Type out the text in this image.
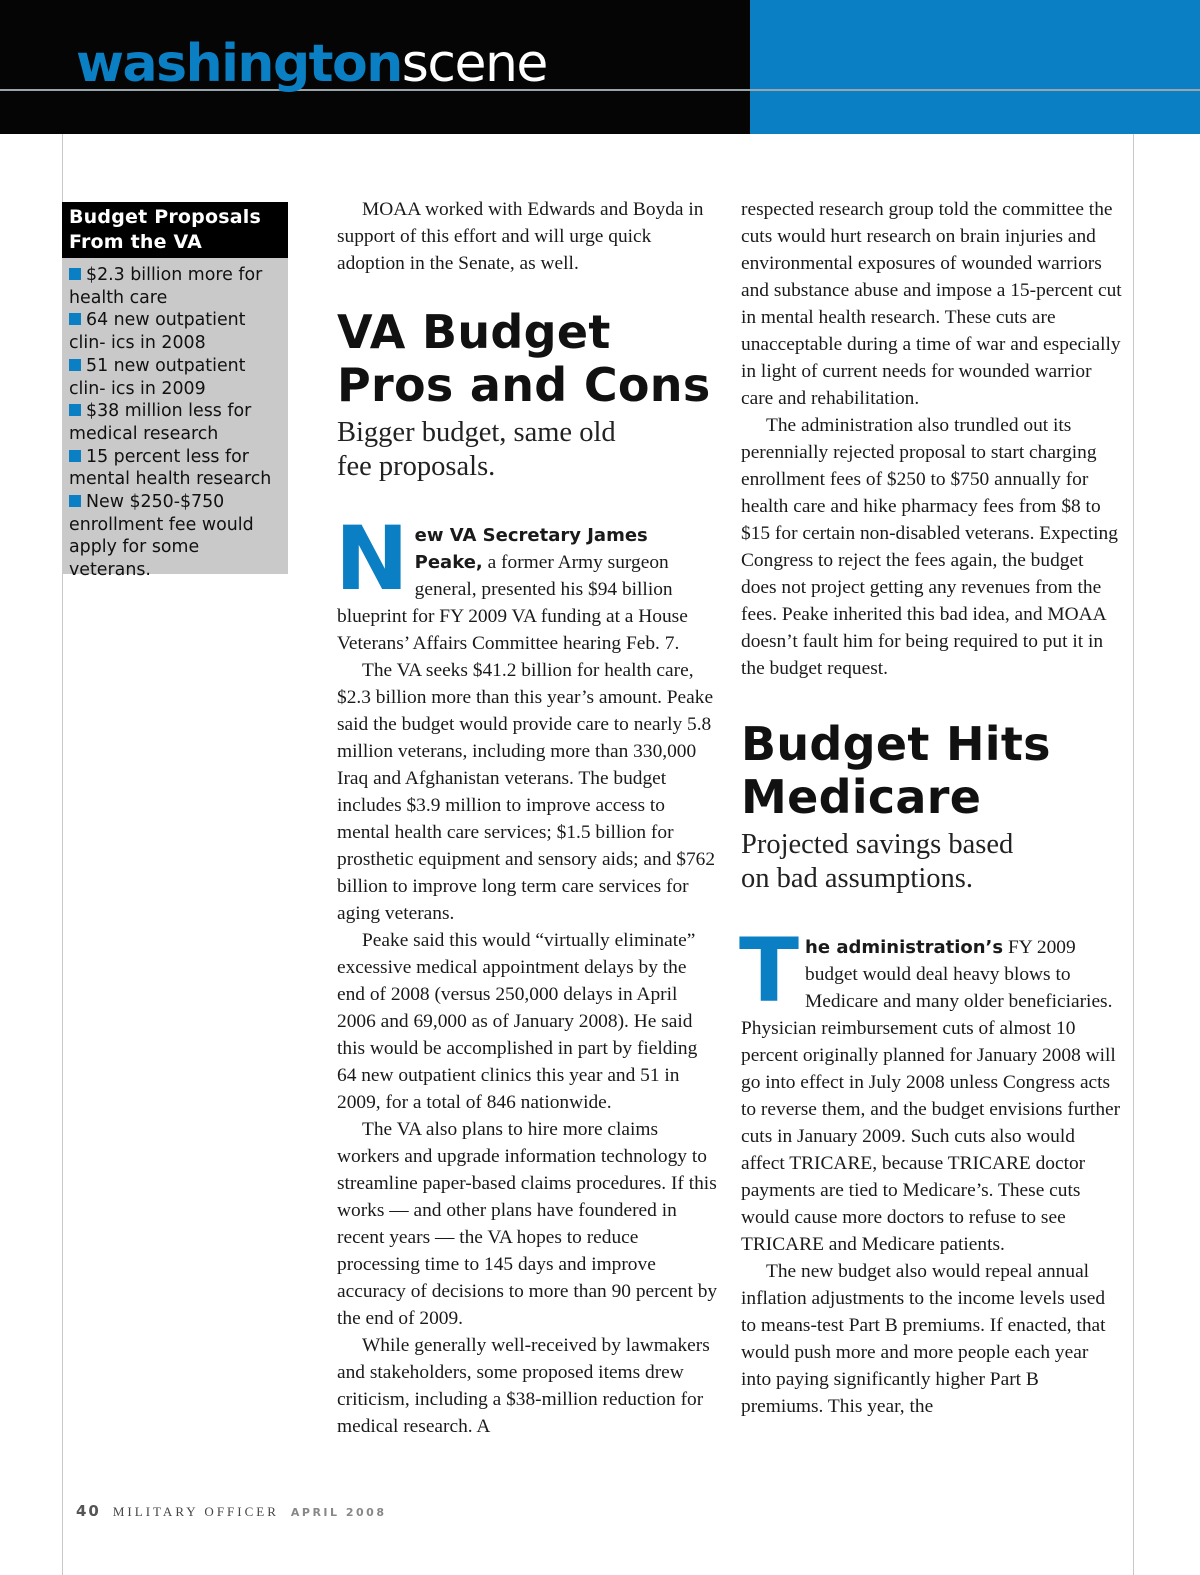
washingtonscene
Budget Proposals
From the VA
$2.3 billion more for health care
64 new outpatient clin- ics in 2008
51 new outpatient clin- ics in 2009
$38 million less for medical research
15 percent less for mental health research
New $250-$750 enrollment fee would apply for some veterans.

MOAA worked with Edwards and Boyda in support of this effort and will urge quick adoption in the Senate, as well.

VA Budget
Pros and Cons

Bigger budget, same old
fee proposals.

New VA Secretary James Peake, a former Army surgeon general, presented his $94 billion blueprint for FY 2009 VA funding at a House Veterans’ Affairs Committee hearing Feb. 7.

The VA seeks $41.2 billion for health care, $2.3 billion more than this year’s amount. Peake said the budget would provide care to nearly 5.8 million veterans, including more than 330,000 Iraq and Afghanistan veterans. The budget includes $3.9 million to improve access to mental health care services; $1.5 billion for prosthetic equipment and sensory aids; and $762 billion to improve long term care services for aging veterans.

Peake said this would “virtually eliminate” excessive medical appointment delays by the end of 2008 (versus 250,000 delays in April 2006 and 69,000 as of January 2008). He said this would be accomplished in part by fielding 64 new outpatient clinics this year and 51 in 2009, for a total of 846 nationwide.

The VA also plans to hire more claims workers and upgrade information technology to streamline paper-based claims procedures. If this works — and other plans have foundered in recent years — the VA hopes to reduce processing time to 145 days and improve accuracy of decisions to more than 90 percent by the end of 2009.

While generally well-received by lawmakers and stakeholders, some proposed items drew criticism, including a $38-million reduction for medical research. A

respected research group told the committee the cuts would hurt research on brain injuries and environmental exposures of wounded warriors and substance abuse and impose a 15-percent cut in mental health research. These cuts are unacceptable during a time of war and especially in light of current needs for wounded warrior care and rehabilitation.

The administration also trundled out its perennially rejected proposal to start charging enrollment fees of $250 to $750 annually for health care and hike pharmacy fees from $8 to $15 for certain non-disabled veterans. Expecting Congress to reject the fees again, the budget does not project getting any revenues from the fees. Peake inherited this bad idea, and MOAA doesn’t fault him for being required to put it in the budget request.

Budget Hits
Medicare

Projected savings based
on bad assumptions.

The administration’s FY 2009 budget would deal heavy blows to Medicare and many older beneficiaries. Physician reimbursement cuts of almost 10 percent originally planned for January 2008 will go into effect in July 2008 unless Congress acts to reverse them, and the budget envisions further cuts in January 2009. Such cuts also would affect TRICARE, because TRICARE doctor payments are tied to Medicare’s. These cuts would cause more doctors to refuse to see TRICARE and Medicare patients.

The new budget also would repeal annual inflation adjustments to the income levels used to means-test Part B premiums. If enacted, that would push more and more people each year into paying significantly higher Part B premiums. This year, the

40 MILITARY OFFICER APRIL 2008
